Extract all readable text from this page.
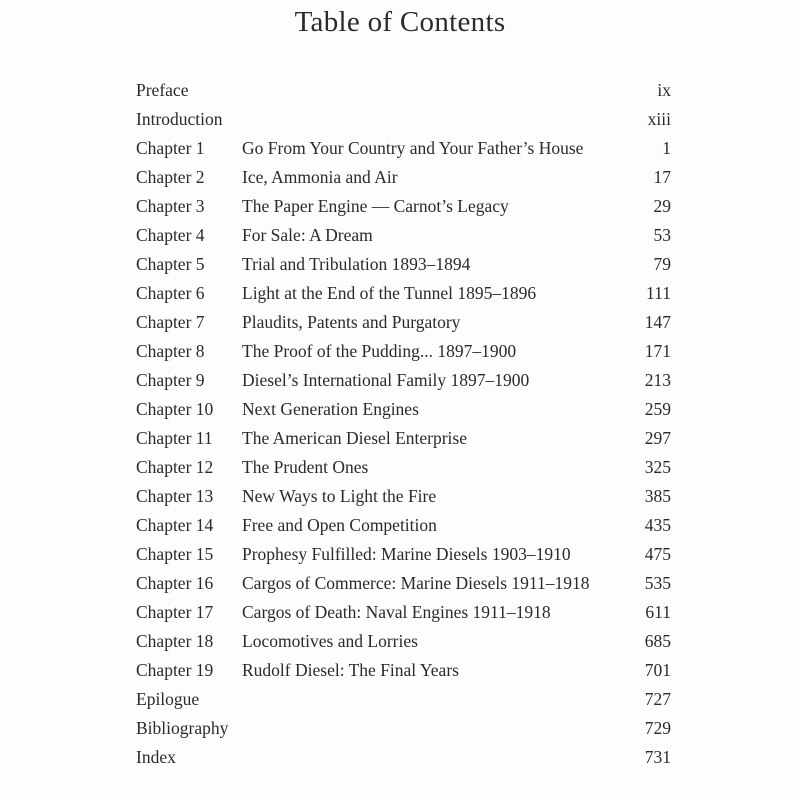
Table of Contents
Preface	ix
Introduction	xiii
Chapter 1 Go From Your Country and Your Father’s House	1
Chapter 2 Ice, Ammonia and Air	17
Chapter 3 The Paper Engine — Carnot’s Legacy	29
Chapter 4 For Sale: A Dream	53
Chapter 5 Trial and Tribulation 1893–1894	79
Chapter 6 Light at the End of the Tunnel 1895–1896	111
Chapter 7 Plaudits, Patents and Purgatory	147
Chapter 8 The Proof of the Pudding... 1897–1900	171
Chapter 9 Diesel’s International Family 1897–1900	213
Chapter 10 Next Generation Engines	259
Chapter 11 The American Diesel Enterprise	297
Chapter 12 The Prudent Ones	325
Chapter 13 New Ways to Light the Fire	385
Chapter 14 Free and Open Competition	435
Chapter 15 Prophesy Fulfilled: Marine Diesels 1903–1910	475
Chapter 16 Cargos of Commerce: Marine Diesels 1911–1918	535
Chapter 17 Cargos of Death: Naval Engines 1911–1918	611
Chapter 18 Locomotives and Lorries	685
Chapter 19 Rudolf Diesel: The Final Years	701
Epilogue	727
Bibliography	729
Index	731
